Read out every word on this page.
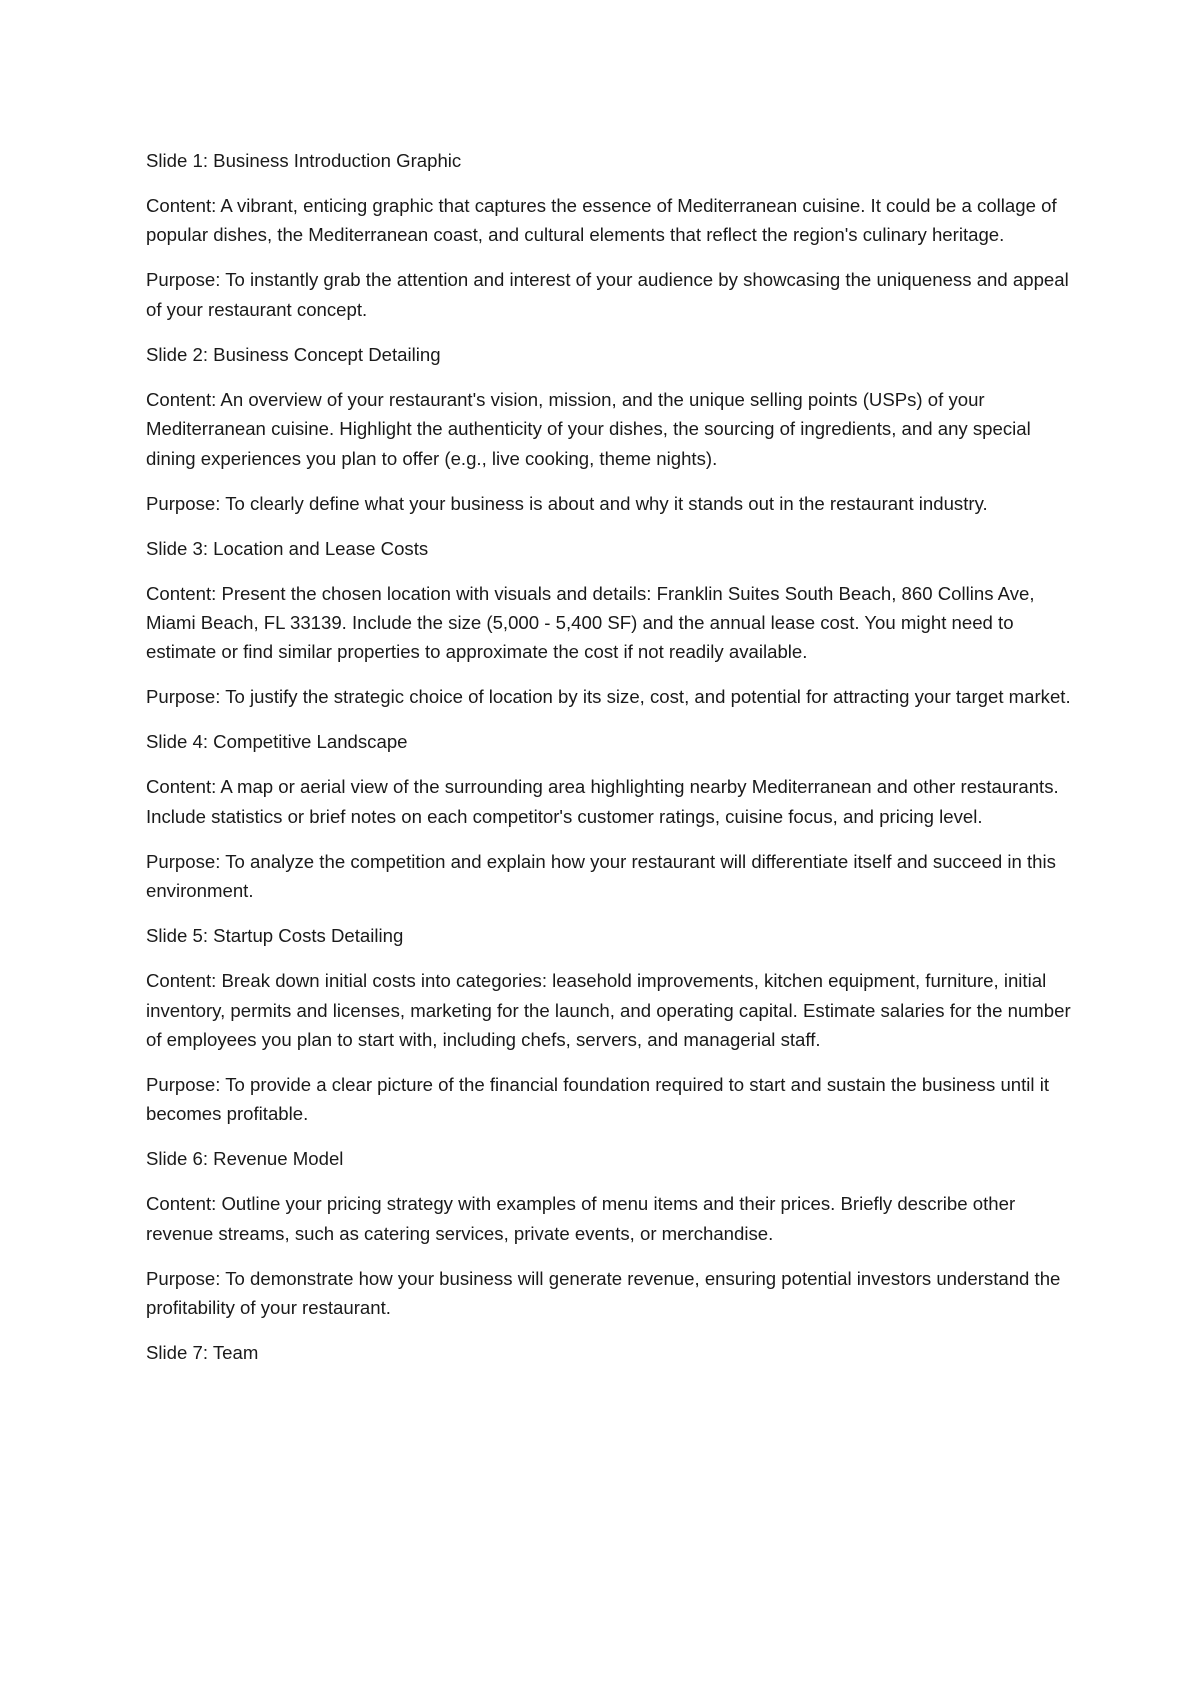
Slide 1: Business Introduction Graphic

Content: A vibrant, enticing graphic that captures the essence of Mediterranean cuisine. It could be a collage of popular dishes, the Mediterranean coast, and cultural elements that reflect the region's culinary heritage.

Purpose: To instantly grab the attention and interest of your audience by showcasing the uniqueness and appeal of your restaurant concept.

Slide 2: Business Concept Detailing

Content: An overview of your restaurant's vision, mission, and the unique selling points (USPs) of your Mediterranean cuisine. Highlight the authenticity of your dishes, the sourcing of ingredients, and any special dining experiences you plan to offer (e.g., live cooking, theme nights).

Purpose: To clearly define what your business is about and why it stands out in the restaurant industry.

Slide 3: Location and Lease Costs

Content: Present the chosen location with visuals and details: Franklin Suites South Beach, 860 Collins Ave, Miami Beach, FL 33139. Include the size (5,000 - 5,400 SF) and the annual lease cost. You might need to estimate or find similar properties to approximate the cost if not readily available.

Purpose: To justify the strategic choice of location by its size, cost, and potential for attracting your target market.

Slide 4: Competitive Landscape

Content: A map or aerial view of the surrounding area highlighting nearby Mediterranean and other restaurants. Include statistics or brief notes on each competitor's customer ratings, cuisine focus, and pricing level.

Purpose: To analyze the competition and explain how your restaurant will differentiate itself and succeed in this environment.

Slide 5: Startup Costs Detailing

Content: Break down initial costs into categories: leasehold improvements, kitchen equipment, furniture, initial inventory, permits and licenses, marketing for the launch, and operating capital. Estimate salaries for the number of employees you plan to start with, including chefs, servers, and managerial staff.

Purpose: To provide a clear picture of the financial foundation required to start and sustain the business until it becomes profitable.

Slide 6: Revenue Model

Content: Outline your pricing strategy with examples of menu items and their prices. Briefly describe other revenue streams, such as catering services, private events, or merchandise.

Purpose: To demonstrate how your business will generate revenue, ensuring potential investors understand the profitability of your restaurant.

Slide 7: Team
